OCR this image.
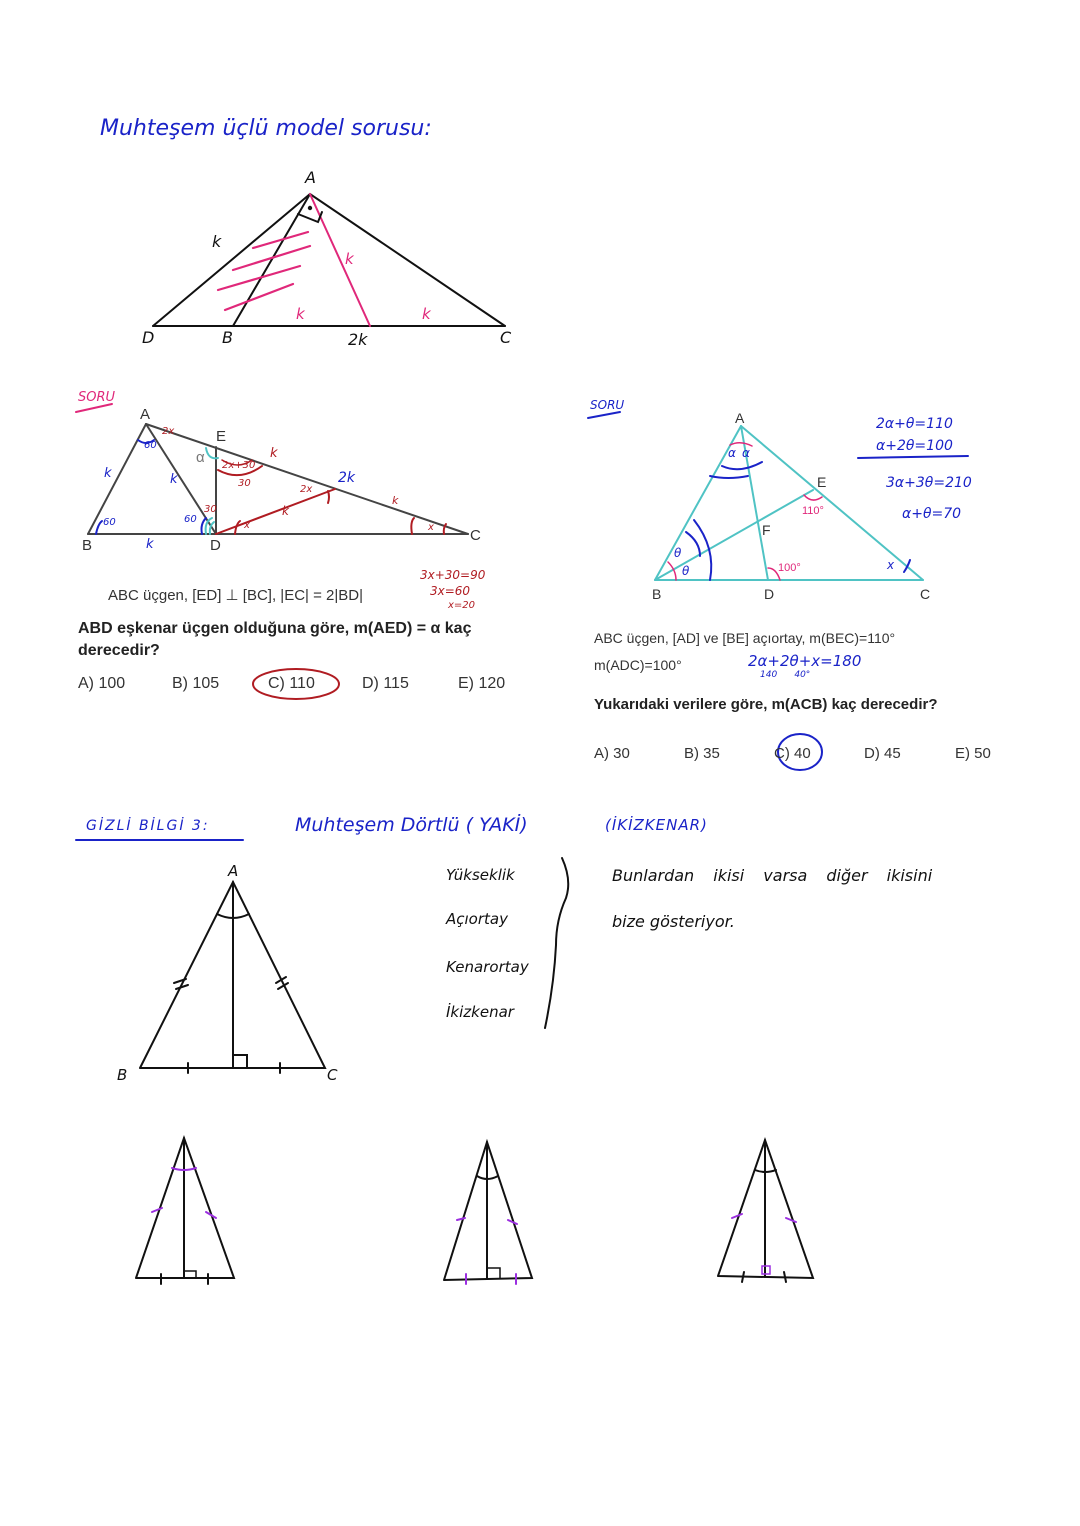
Muhteşem üçlü model sorusu:
A
D	B	C
k
k
k	k
2k
SORU
A
B
C
D
E
α
60
2x
k	k
60	60
k
2x+30
30
30
2x
k
2k
k
x	x
k
ABC üçgen, [ED] ⊥ [BC], |EC| = 2|BD|
3x+30=90
3x=60
x=20
ABD eşkenar üçgen olduğuna göre, m(AED) = α kaç
derecedir?
A) 100	B) 105	C) 110	D) 115	E) 120
SORU
A
B	C
D
E
F
110°
100°
α α
θ
θ	x
2α+θ=110
α+2θ=100
3α+3θ=210
α+θ=70
ABC üçgen, [AD] ve [BE] açıortay, m(BEC)=110°
m(ADC)=100°	2α+2θ+x=180
140      40°
Yukarıdaki verilere göre, m(ACB) kaç derecedir?
A) 30	B) 35	C) 40	D) 45	E) 50
GİZLİ BİLGİ 3:	Muhteşem Dörtlü ( YAKİ)	(İKİZKENAR)
Yükseklik
Açıortay
Kenarortay
İkizkenar
Bunlardan ikisi varsa diğer ikisini
bize gösteriyor.
A
B	C
